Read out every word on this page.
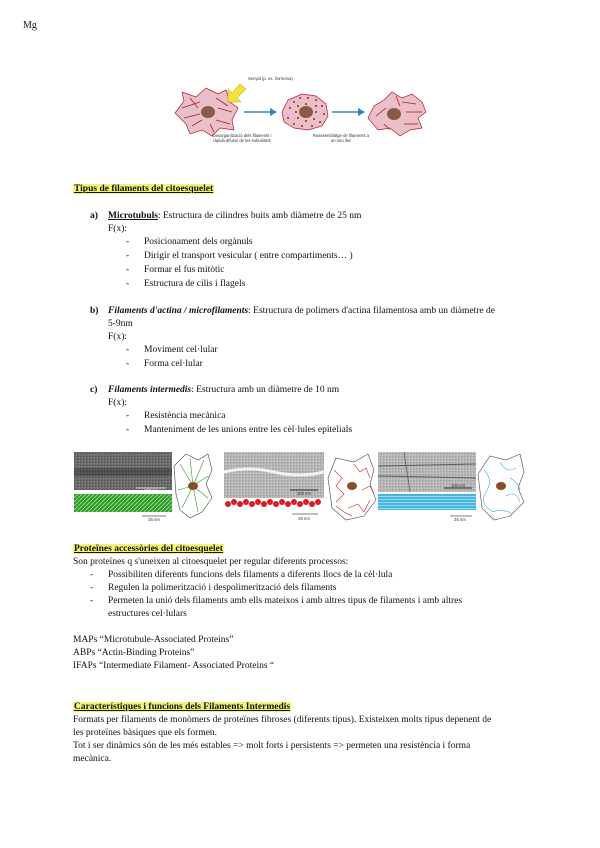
Mg
Senyal (p. ex. hormona)
Desorganització dels filaments i ràpida difusió de les subunitats
Reassemblatge de filaments a un nou lloc
Tipus de filaments del citoesquelet
a) Microtubuls: Estructura de cilindres buits amb diàmetre de 25 nm
F(x):
- Posicionament dels orgànuls
- Dirigir el transport vesicular ( entre compartiments… )
- Formar el fus mitòtic
- Estructura de cilis i flagels
b) Filaments d'actina / microfilaments: Estructura de polímers d'actina filamentosa amb un diàmetre de
5-9nm
F(x):
- Moviment cel·lular
- Forma cel·lular
c) Filaments intermedis: Estructura amb un diàmetre de 10 nm
F(x):
- Resistència mecànica
- Manteniment de les unions entre les cèl·lules epitelials
100 nm
25 nm
100 nm
25 nm
100 nm
25 nm
Proteïnes accessòries del citoesquelet
Son proteïnes q s'uneixen al citoesquelet per regular diferents processos:
- Possibiliten diferents funcions dels filaments a diferents llocs de la cèl·lula
- Regulen la polimerització i despolimerització dels filaments
- Permeten la unió dels filaments amb ells mateixos i amb altres tipus de filaments i amb altres
estructures cel·lulars
MAPs “Microtubule-Associated Proteins”
ABPs “Actin-Binding Proteins”
IFAPs “Intermediate Filament- Associated Proteins “
Característiques i funcions dels Filaments Intermedis
Formats per filaments de monòmers de proteïnes fibroses (diferents tipus). Existeixen molts tipus depenent de
les proteïnes bàsiques que els formen.
Tot i ser dinàmics són de les més estables => molt forts i persistents => permeten una resistència i forma
mecànica.
